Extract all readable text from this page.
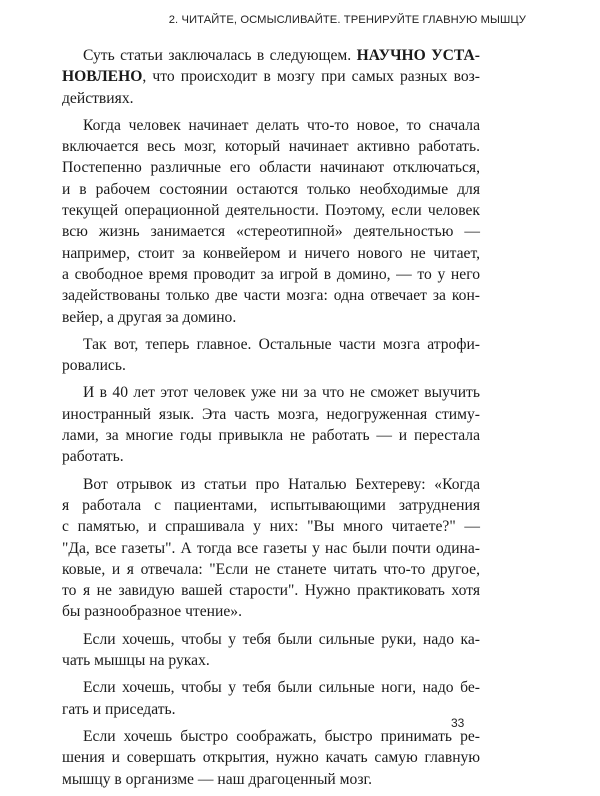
2. ЧИТАЙТЕ, ОСМЫСЛИВАЙТЕ. ТРЕНИРУЙТЕ ГЛАВНУЮ МЫШЦУ

Суть статьи заключалась в следующем. НАУЧНО УСТА-
НОВЛЕНО, что происходит в мозгу при самых разных воз-
действиях.

Когда человек начинает делать что-то новое, то сначала
включается весь мозг, который начинает активно работать.
Постепенно различные его области начинают отключаться,
и в рабочем состоянии остаются только необходимые для
текущей операционной деятельности. Поэтому, если человек
всю жизнь занимается «стереотипной» деятельностью —
например, стоит за конвейером и ничего нового не читает,
а свободное время проводит за игрой в домино, — то у него
задействованы только две части мозга: одна отвечает за кон-
вейер, а другая за домино.

Так вот, теперь главное. Остальные части мозга атрофи-
ровались.

И в 40 лет этот человек уже ни за что не сможет выучить
иностранный язык. Эта часть мозга, недогруженная стиму-
лами, за многие годы привыкла не работать — и перестала
работать.

Вот отрывок из статьи про Наталью Бехтереву: «Когда
я работала с пациентами, испытывающими затруднения
с памятью, и спрашивала у них: "Вы много читаете?" —
"Да, все газеты". А тогда все газеты у нас были почти одина-
ковые, и я отвечала: "Если не станете читать что-то другое,
то я не завидую вашей старости". Нужно практиковать хотя
бы разнообразное чтение».

Если хочешь, чтобы у тебя были сильные руки, надо ка-
чать мышцы на руках.

Если хочешь, чтобы у тебя были сильные ноги, надо бе-
гать и приседать.

Если хочешь быстро соображать, быстро принимать ре-
шения и совершать открытия, нужно качать самую главную
мышцу в организме — наш драгоценный мозг.

33
